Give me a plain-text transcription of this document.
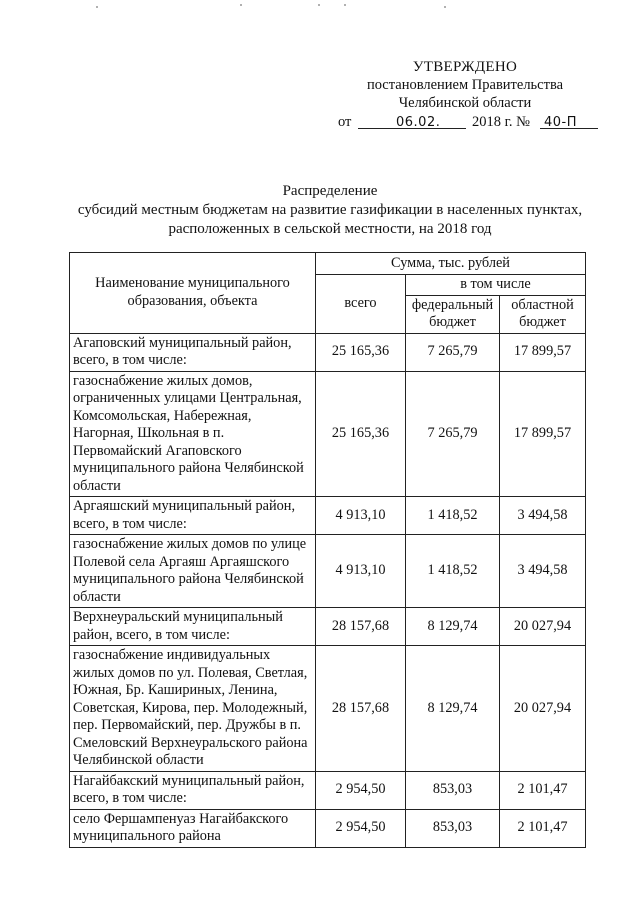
УТВЕРЖДЕНО
постановлением Правительства
Челябинской области
от	06.02. 2018 г. № 40-П
Распределение
субсидий местным бюджетам на развитие газификации в населенных пунктах,
расположенных в сельской местности, на 2018 год
Наименование муниципального образования, объекта	Сумма, тыс. рублей		
	всего	в том числе	
		федеральный бюджет	областной бюджет
Агаповский муниципальный район, всего, в том числе:	25 165,36	7 265,79	17 899,57
газоснабжение жилых домов, ограниченных улицами Центральная, Комсомольская, Набережная, Нагорная, Школьная в п. Первомайский Агаповского муниципального района Челябинской области	25 165,36	7 265,79	17 899,57
Аргаяшский муниципальный район, всего, в том числе:	4 913,10	1 418,52	3 494,58
газоснабжение жилых домов по улице Полевой села Аргаяш Аргаяшского муниципального района Челябинской области	4 913,10	1 418,52	3 494,58
Верхнеуральский муниципальный район, всего, в том числе:	28 157,68	8 129,74	20 027,94
газоснабжение индивидуальных жилых домов по ул. Полевая, Светлая, Южная, Бр. Кашириных, Ленина, Советская, Кирова, пер. Молодежный, пер. Первомайский, пер. Дружбы в п. Смеловский Верхнеуральского района Челябинской области	28 157,68	8 129,74	20 027,94
Нагайбакский муниципальный район, всего, в том числе:	2 954,50	853,03	2 101,47
село Фершампенуаз Нагайбакского муниципального района	2 954,50	853,03	2 101,47
